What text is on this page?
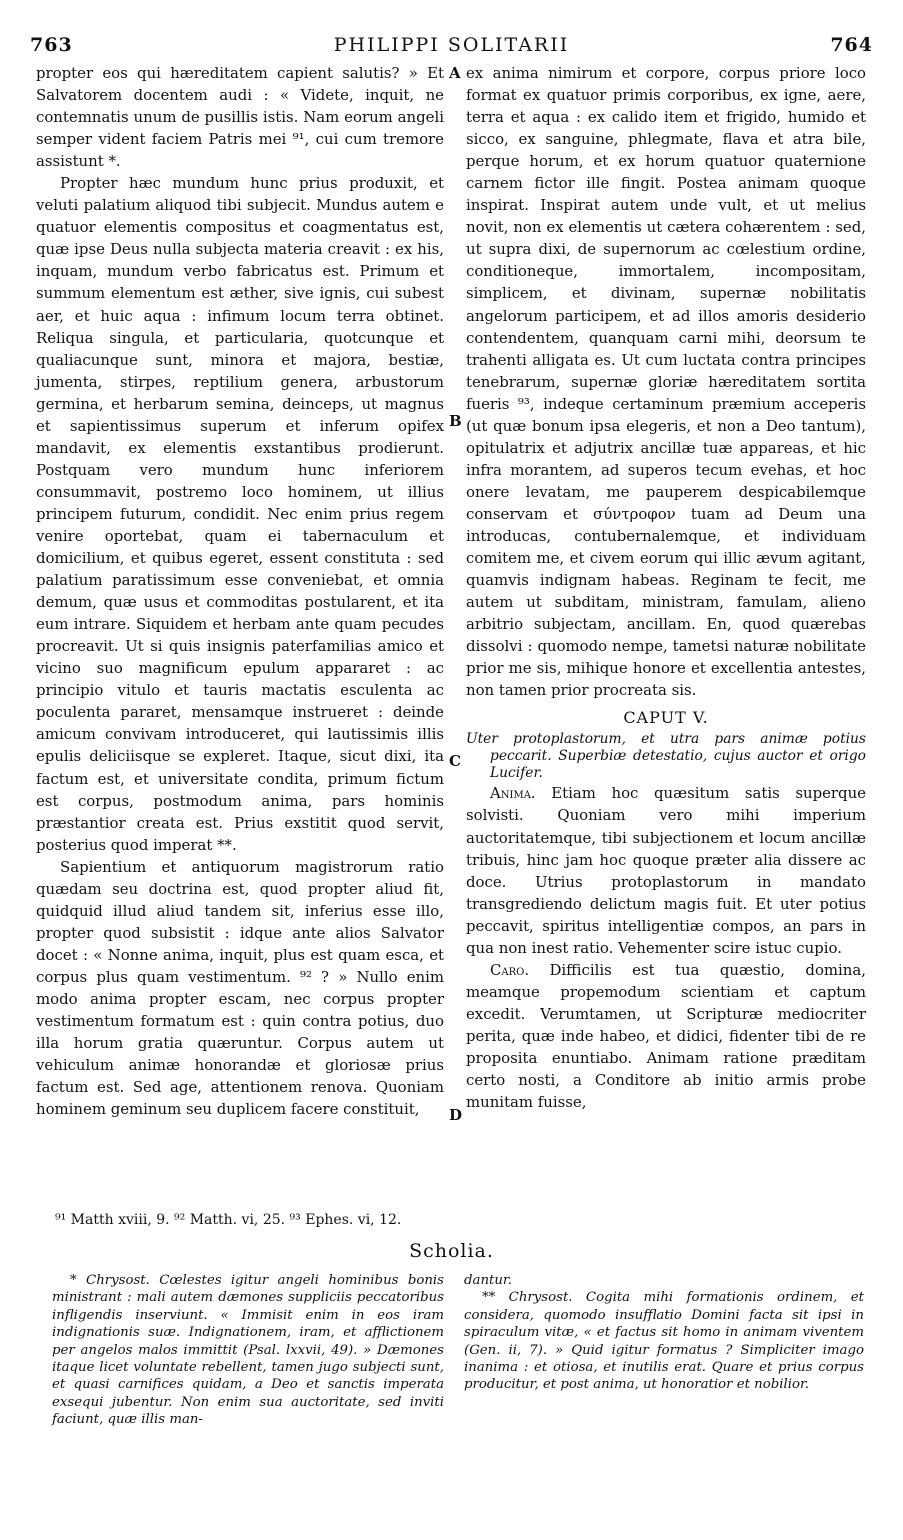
763	PHILIPPI SOLITARII	764
A
B
C
D

propter eos qui hæreditatem capient salutis? » Et Salvatorem docentem audi : « Videte, inquit, ne contemnatis unum de pusillis istis. Nam eorum angeli semper vident faciem Patris mei ⁹¹, cui cum tremore assistunt *.

Propter hæc mundum hunc prius produxit, et veluti palatium aliquod tibi subjecit. Mundus autem e quatuor elementis compositus et coagmentatus est, quæ ipse Deus nulla subjecta materia creavit : ex his, inquam, mundum verbo fabricatus est. Primum et summum elementum est æther, sive ignis, cui subest aer, et huic aqua : infimum locum terra obtinet. Reliqua singula, et particularia, quotcunque et qualiacunque sunt, minora et majora, bestiæ, jumenta, stirpes, reptilium genera, arbustorum germina, et herbarum semina, deinceps, ut magnus et sapientissimus superum et inferum opifex mandavit, ex elementis exstantibus prodierunt. Postquam vero mundum hunc inferiorem consummavit, postremo loco hominem, ut illius principem futurum, condidit. Nec enim prius regem venire oportebat, quam ei tabernaculum et domicilium, et quibus egeret, essent constituta : sed palatium paratissimum esse conveniebat, et omnia demum, quæ usus et commoditas postularent, et ita eum intrare. Siquidem et herbam ante quam pecudes procreavit. Ut si quis insignis paterfamilias amico et vicino suo magnificum epulum appararet : ac principio vitulo et tauris mactatis esculenta ac poculenta pararet, mensamque instrueret : deinde amicum convivam introduceret, qui lautissimis illis epulis deliciisque se expleret. Itaque, sicut dixi, ita factum est, et universitate condita, primum fictum est corpus, postmodum anima, pars hominis præstantior creata est. Prius exstitit quod servit, posterius quod imperat **.

Sapientium et antiquorum magistrorum ratio quædam seu doctrina est, quod propter aliud fit, quidquid illud aliud tandem sit, inferius esse illo, propter quod subsistit : idque ante alios Salvator docet : « Nonne anima, inquit, plus est quam esca, et corpus plus quam vestimentum. ⁹² ? » Nullo enim modo anima propter escam, nec corpus propter vestimentum formatum est : quin contra potius, duo illa horum gratia quæruntur. Corpus autem ut vehiculum animæ honorandæ et gloriosæ prius factum est. Sed age, attentionem renova. Quoniam hominem geminum seu duplicem facere constituit,

ex anima nimirum et corpore, corpus priore loco format ex quatuor primis corporibus, ex igne, aere, terra et aqua : ex calido item et frigido, humido et sicco, ex sanguine, phlegmate, flava et atra bile, perque horum, et ex horum quatuor quaternione carnem fictor ille fingit. Postea animam quoque inspirat. Inspirat autem unde vult, et ut melius novit, non ex elementis ut cætera cohærentem : sed, ut supra dixi, de supernorum ac cœlestium ordine, conditioneque, immortalem, incompositam, simplicem, et divinam, supernæ nobilitatis angelorum participem, et ad illos amoris desiderio contendentem, quanquam carni mihi, deorsum te trahenti alligata es. Ut cum luctata contra principes tenebrarum, supernæ gloriæ hæreditatem sortita fueris ⁹³, indeque certaminum præmium acceperis (ut quæ bonum ipsa elegeris, et non a Deo tantum), opitulatrix et adjutrix ancillæ tuæ appareas, et hic infra morantem, ad superos tecum evehas, et hoc onere levatam, me pauperem despicabilemque conservam et σύντροφον tuam ad Deum una introducas, contubernalemque, et individuam comitem me, et civem eorum qui illic ævum agitant, quamvis indignam habeas. Reginam te fecit, me autem ut subditam, ministram, famulam, alieno arbitrio subjectam, ancillam. En, quod quærebas dissolvi : quomodo nempe, tametsi naturæ nobilitate prior me sis, mihique honore et excellentia antestes, non tamen prior procreata sis.

CAPUT V.

Uter protoplastorum, et utra pars animæ potius peccarit. Superbiæ detestatio, cujus auctor et origo Lucifer.

Anima. Etiam hoc quæsitum satis superque solvisti. Quoniam vero mihi imperium auctoritatemque, tibi subjectionem et locum ancillæ tribuis, hinc jam hoc quoque præter alia dissere ac doce. Utrius protoplastorum in mandato transgrediendo delictum magis fuit. Et uter potius peccavit, spiritus intelligentiæ compos, an pars in qua non inest ratio. Vehementer scire istuc cupio.

Caro. Difficilis est tua quæstio, domina, meamque propemodum scientiam et captum excedit. Verumtamen, ut Scripturæ mediocriter perita, quæ inde habeo, et didici, fidenter tibi de re proposita enuntiabo. Animam ratione præditam certo nosti, a Conditore ab initio armis probe munitam fuisse,

⁹¹ Matth xviii, 9. ⁹² Matth. vi, 25. ⁹³ Ephes. vi, 12.
Scholia.

* Chrysost. Cœlestes igitur angeli hominibus bonis ministrant : mali autem dæmones suppliciis peccatoribus infligendis inserviunt. « Immisit enim in eos iram indignationis suæ. Indignationem, iram, et afflictionem per angelos malos immittit (Psal. lxxvii, 49). » Dæmones itaque licet voluntate rebellent, tamen jugo subjecti sunt, et quasi carnifices quidam, a Deo et sanctis imperata exsequi jubentur. Non enim sua auctoritate, sed inviti faciunt, quæ illis man-

dantur.

** Chrysost. Cogita mihi formationis ordinem, et considera, quomodo insufflatio Domini facta sit ipsi in spiraculum vitæ, « et factus sit homo in animam viventem (Gen. ii, 7). » Quid igitur formatus ? Simpliciter imago inanima : et otiosa, et inutilis erat. Quare et prius corpus producitur, et post anima, ut honoratior et nobilior.
